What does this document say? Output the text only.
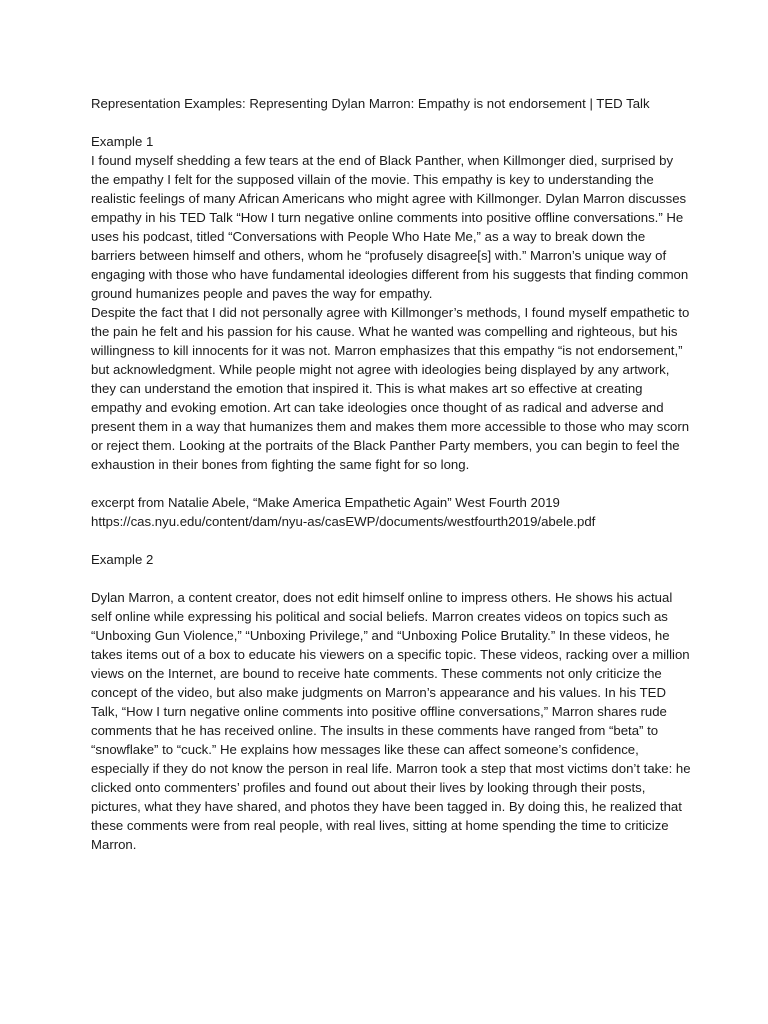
Representation Examples: Representing Dylan Marron: Empathy is not endorsement | TED Talk

Example 1

I found myself shedding a few tears at the end of Black Panther, when Killmonger died, surprised by the empathy I felt for the supposed villain of the movie. This empathy is key to understanding the realistic feelings of many African Americans who might agree with Killmonger. Dylan Marron discusses empathy in his TED Talk “How I turn negative online comments into positive offline conversations.” He uses his podcast, titled “Conversations with People Who Hate Me,” as a way to break down the barriers between himself and others, whom he “profusely disagree[s] with.” Marron’s unique way of engaging with those who have fundamental ideologies different from his suggests that finding common ground humanizes people and paves the way for empathy.

Despite the fact that I did not personally agree with Killmonger’s methods, I found myself empathetic to the pain he felt and his passion for his cause. What he wanted was compelling and righteous, but his willingness to kill innocents for it was not. Marron emphasizes that this empathy “is not endorsement,” but acknowledgment. While people might not agree with ideologies being displayed by any artwork, they can understand the emotion that inspired it. This is what makes art so effective at creating empathy and evoking emotion. Art can take ideologies once thought of as radical and adverse and present them in a way that humanizes them and makes them more accessible to those who may scorn or reject them. Looking at the portraits of the Black Panther Party members, you can begin to feel the exhaustion in their bones from fighting the same fight for so long.

excerpt from Natalie Abele, “Make America Empathetic Again” West Fourth 2019

https://cas.nyu.edu/content/dam/nyu-as/casEWP/documents/westfourth2019/abele.pdf

Example 2

Dylan Marron, a content creator, does not edit himself online to impress others. He shows his actual self online while expressing his political and social beliefs. Marron creates videos on topics such as “Unboxing Gun Violence,” “Unboxing Privilege,” and “Unboxing Police Brutality.” In these videos, he takes items out of a box to educate his viewers on a specific topic. These videos, racking over a million views on the Internet, are bound to receive hate comments. These comments not only criticize the concept of the video, but also make judgments on Marron’s appearance and his values. In his TED Talk, “How I turn negative online comments into positive offline conversations,” Marron shares rude comments that he has received online. The insults in these comments have ranged from “beta” to “snowflake” to “cuck.” He explains how messages like these can affect someone’s confidence, especially if they do not know the person in real life. Marron took a step that most victims don’t take: he clicked onto commenters’ profiles and found out about their lives by looking through their posts, pictures, what they have shared, and photos they have been tagged in. By doing this, he realized that these comments were from real people, with real lives, sitting at home spending the time to criticize Marron.
